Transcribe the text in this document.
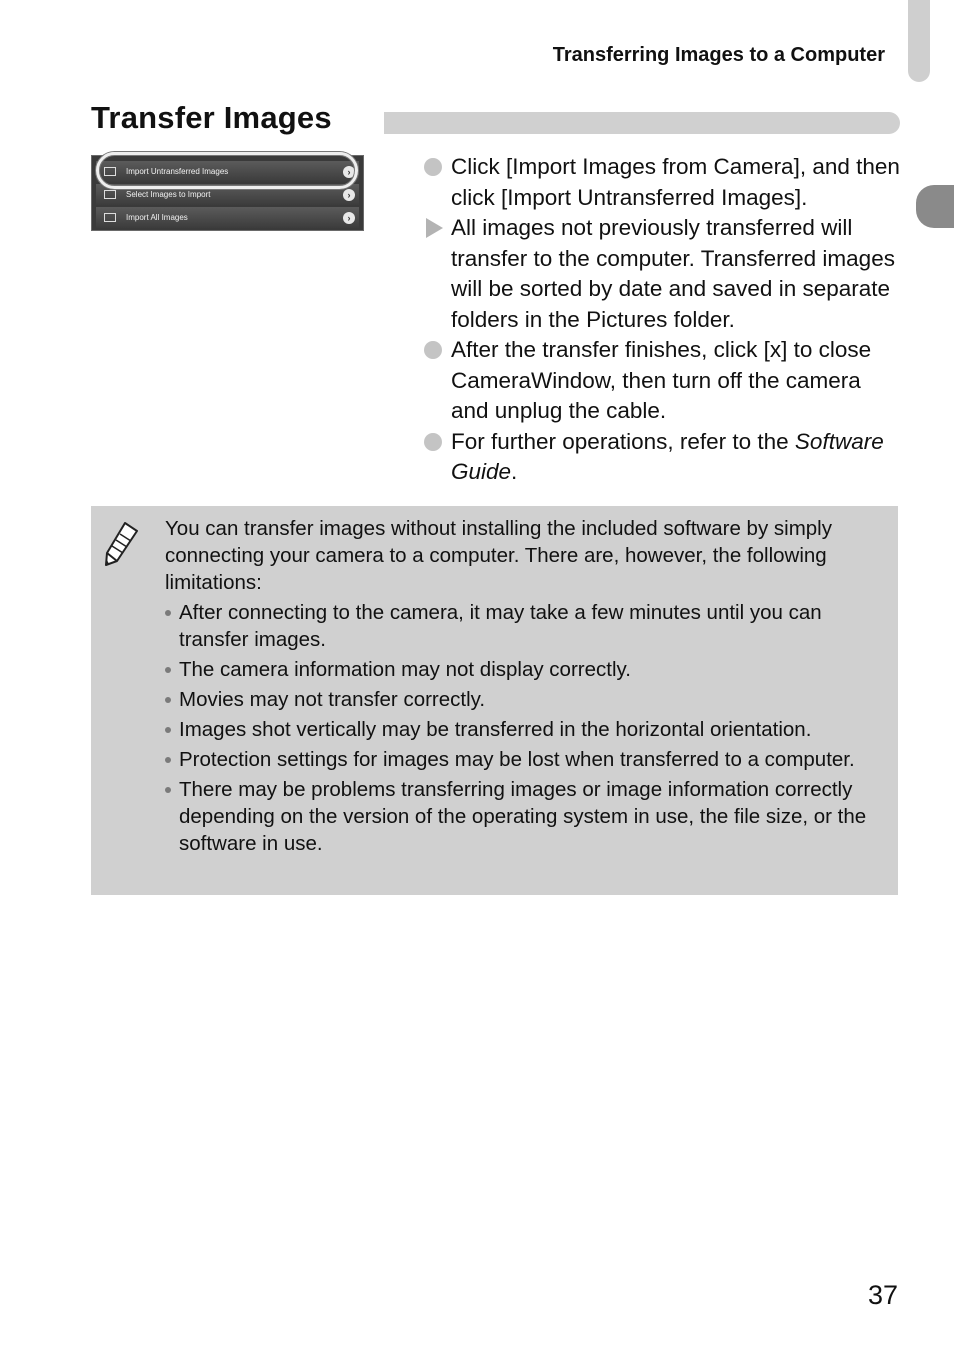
Transferring Images to a Computer
Transfer Images
Import Untransferred Images	›
Select Images to Import	›
Import All Images	›
Click [Import Images from Camera], and then click [Import Untransferred Images].
All images not previously transferred will transfer to the computer. Transferred images will be sorted by date and saved in separate folders in the Pictures folder.
After the transfer finishes, click [x] to close CameraWindow, then turn off the camera and unplug the cable.
For further operations, refer to the Software Guide.
You can transfer images without installing the included software by simply connecting your camera to a computer. There are, however, the following limitations:
After connecting to the camera, it may take a few minutes until you can transfer images.
The camera information may not display correctly.
Movies may not transfer correctly.
Images shot vertically may be transferred in the horizontal orientation.
Protection settings for images may be lost when transferred to a computer.
There may be problems transferring images or image information correctly depending on the version of the operating system in use, the file size, or the software in use.
37
